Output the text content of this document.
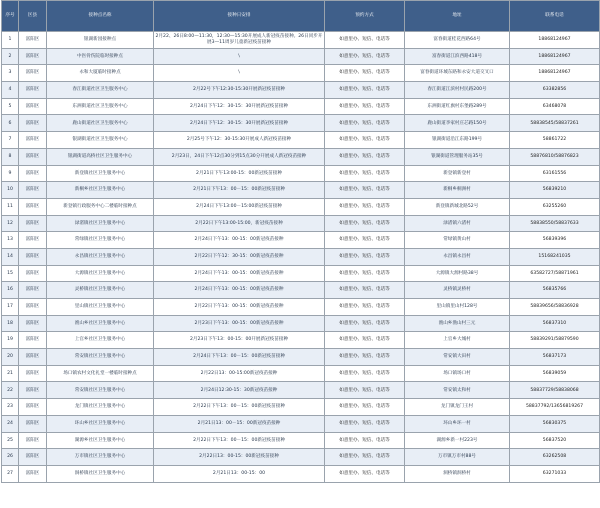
序号	区县	接种点名称	接种日安排	预约方式	地址	联系电话
1	富阳区	银湖新园接种点	2月22、26日8:00—11:30，12:30—15:30开展成人新冠疫苗接种。26日同步开展3—11周岁儿童新冠疫苗接种	如意里办、短信、电话等	富春街道桂花西路64号	18868124967
2	富阳区	中医骨伤院临时接种点	\	如意里办、短信、电话等	富春街道江滨西路418号	18868124967
3	富阳区	永和大厦临时接种点	\	如意里办、短信、电话等	富春街道环城东路和永安大道交叉口	18868124967
4	富阳区	春江街道社区卫生服务中心	2月22号下午12:30-15:30开展新冠疫苗接种	如意里办、短信、电话等	春江街道江滨村村民路200号	63382856
5	富阳区	东洲街道社区卫生服务中心	2月24日下午12：30-15：30开展新冠疫苗接种	如意里办、短信、电话等	东洲街道红旗村东堡路289号	63468078
6	富阳区	鹿山街道社区卫生服务中心	2月24日下午12：30-15：30开展新冠疫苗接种	如意里办、短信、电话等	鹿山街道李家村庄芯路150号	58838545/58837261
7	富阳区	银湖街道社区卫生服务中心	2月25号下午12：30-15:30开展成人新冠疫苗接种	如意里办、短信、电话等	银湖街道沿江东路199号	58861722
8	富阳区	银湖街道高桥社区卫生服务中心	2月23日，24日下午12点30分到15点30分开展成人新冠疫苗接种	如意里办、短信、电话等	银湖街道管理服务站35号	58876810/58876823
9	富阳区	新登镇社区卫生服务中心	2月21日下午13:00-15：00新冠疫苗接种	如意里办、短信、电话等	新登镇新登村	63161556
10	富阳区	新桐乡社区卫生服务中心	2月21日下午13：00－15：00新冠疫苗接种	如意里办、短信、电话等	新桐乡桐洲村	56839210
11	富阳区	新登镇行政服务中心二楼临时接种点	2月24日下午13:00－15:00新冠疫苗接种	如意里办、短信、电话等	新登镇新城北路52号	63255260
12	富阳区	渌渚镇社区卫生服务中心	2月22日下午13:00-15:00，新冠疫苗接种	如意里办、短信、电话等	渌渚镇六渚村	58838550/58837633
13	富阳区	常绿镇社区卫生服务中心	2月24日下午13：00-15：00新冠疫苗接种	如意里办、短信、电话等	常绿镇黄山村	56839396
14	富阳区	永昌镇社区卫生服务中心	2月22日下午12：30-15：00新冠疫苗接种	如意里办、短信、电话等	永昌镇永昌村	15168241035
15	富阳区	大源镇社区卫生服务中心	2月24日下午13：00-15：00新冠疫苗接种	如意里办、短信、电话等	大源镇大源村路38号	63582727/58871961
16	富阳区	灵桥镇社区卫生服务中心	2月24日下午13：00-15：00新冠疫苗接种	如意里办、短信、电话等	灵桥镇灵桥村	56835766
17	富阳区	里山镇社区卫生服务中心	2月22日下午13：00-15：00新冠疫苗接种	如意里办、短信、电话等	里山镇里山村128号	58839656/58836928
18	富阳区	渔山乡社区卫生服务中心	2月23日下午13：00-15：00新冠疫苗接种	如意里办、短信、电话等	渔山乡渔山村三元	56837310
19	富阳区	上官乡社区卫生服务中心	2月23日下午13：00-15：00开展新冠疫苗接种	如意里办、短信、电话等	上官乡大城村	58839291/58879590
20	富阳区	常安镇社区卫生服务中心	2月24日下午13：00－15：00新冠疫苗接种	如意里办、短信、电话等	常安镇大田村	56837173
21	富阳区	场口镇农村文化礼堂一楼临时接种点	2月22日13：00-15:00新冠疫苗接种	如意里办、短信、电话等	场口镇场口村	56839059
22	富阳区	常安镇社区卫生服务中心	2月24日12:30-15：30新冠疫苗接种	如意里办、短信、电话等	常安镇太和村	58837729/58838068
23	富阳区	龙门镇社区卫生服务中心	2月22日下午13：00－15：00新冠疫苗接种	如意里办、短信、电话等	龙门镇龙门王村	58837792/13656819267
24	富阳区	环山乡社区卫生服务中心	2月21日13：00－15：00新冠疫苗接种	如意里办、短信、电话等	环山乡环一村	56830375
25	富阳区	湖源乡社区卫生服务中心	2月22日下午13：00－15：00新冠疫苗接种	如意里办、短信、电话等	湖源乡新一村223号	56837520
26	富阳区	万市镇社区卫生服务中心	2月22日13：00-15：00新冠疫苗接种	如意里办、短信、电话等	万市镇万市村88号	63262508
27	富阳区	洞桥镇社区卫生服务中心	2月21日13：00-15：00	如意里办、短信、电话等	洞桥镇洞桥村	63271033
